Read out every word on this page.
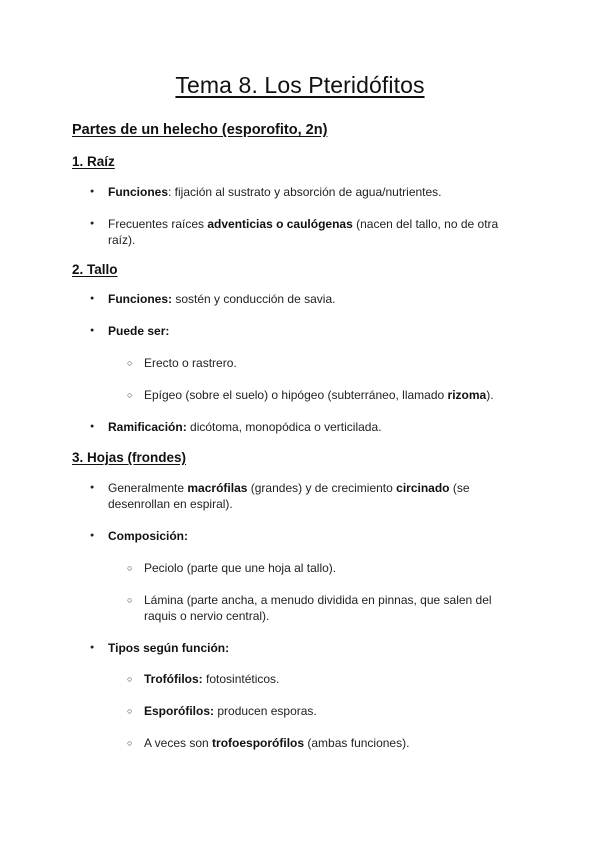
Tema 8. Los Pteridófitos
Partes de un helecho (esporofito, 2n)
1. Raíz
● Funciones: fijación al sustrato y absorción de agua/nutrientes.
● Frecuentes raíces adventicias o caulógenas (nacen del tallo, no de otra raíz).
2. Tallo
● Funciones: sostén y conducción de savia.
● Puede ser:
○ Erecto o rastrero.
○ Epígeo (sobre el suelo) o hipógeo (subterráneo, llamado rizoma).
● Ramificación: dicótoma, monopódica o verticilada.
3. Hojas (frondes)
● Generalmente macrófilas (grandes) y de crecimiento circinado (se desenrollan en espiral).
● Composición:
○ Peciolo (parte que une hoja al tallo).
○ Lámina (parte ancha, a menudo dividida en pinnas, que salen del raquis o nervio central).
● Tipos según función:
○ Trofófilos: fotosintéticos.
○ Esporófilos: producen esporas.
○ A veces son trofoesporófilos (ambas funciones).
